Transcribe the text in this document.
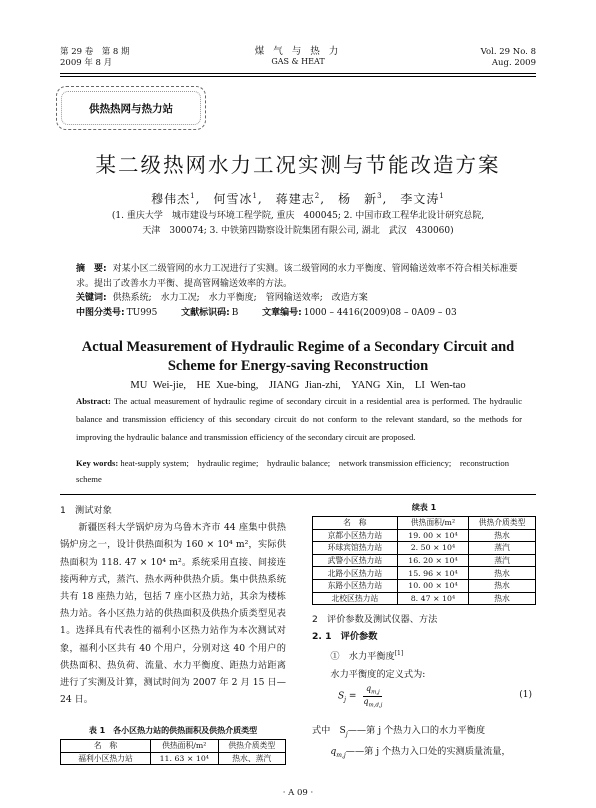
第 29 卷　第 8 期
2009 年 8 月
煤 气 与 热 力
GAS & HEAT
Vol. 29 No. 8
Aug. 2009
供热热网与热力站
某二级热网水力工况实测与节能改造方案
穆伟杰$^1$,　何雪冰$^1$,　蒋建志$^2$,　杨　新$^3$,　李文涛$^1$
(1. 重庆大学　城市建设与环境工程学院, 重庆　400045; 2. 中国市政工程华北设计研究总院,
天津　300074; 3. 中铁第四勘察设计院集团有限公司, 湖北　武汉　430060)
摘　要: 对某小区二级管网的水力工况进行了实测。该二级管网的水力平衡度、管网输送效率不符合相关标准要求。提出了改善水力平衡、提高管网输送效率的方法。
关键词: 供热系统;　水力工况;　水力平衡度;　管网输送效率;　改造方案
中图分类号: TU995	文献标识码: B	文章编号: 1000 – 4416(2009)08 – 0A09 – 03
Actual Measurement of Hydraulic Regime of a Secondary Circuit and Scheme for Energy-saving Reconstruction
MU Wei-jie,　HE Xue-bing,　JIANG Jian-zhi,　YANG Xin,　LI Wen-tao
Abstract: The actual measurement of hydraulic regime of secondary circuit in a residential area is performed. The hydraulic balance and transmission efficiency of this secondary circuit do not conform to the relevant standard, so the methods for improving the hydraulic balance and transmission efficiency of the secondary circuit are proposed.
Key words: heat-supply system;　hydraulic regime;　hydraulic balance;　network transmission efficiency;　reconstruction scheme
1　测试对象

新疆医科大学锅炉房为乌鲁木齐市 44 座集中供热锅炉房之一，设计供热面积为 160 × 10⁴ m²，实际供热面积为 118. 47 × 10⁴ m²。系统采用直接、间接连接两种方式，蒸汽、热水两种供热介质。集中供热系统共有 18 座热力站，包括 7 座小区热力站，其余为楼栋热力站。各小区热力站的供热面积及供热介质类型见表 1。选择具有代表性的福利小区热力站作为本次测试对象，福利小区共有 40 个用户，分别对这 40 个用户的供热面积、热负荷、流量、水力平衡度、距热力站距离进行了实测及计算，测试时间为 2007 年 2 月 15 日—24 日。

表 1　各小区热力站的供热面积及供热介质类型
名　称	供热面积/m²	供热介质类型
福利小区热力站	11. 63 × 10⁴	热水、蒸汽
续表 1
名　称	供热面积/m²	供热介质类型
京都小区热力站	19. 00 × 10⁴	热水
环球宾馆热力站	2. 50 × 10⁴	蒸汽
武警小区热力站	16. 20 × 10⁴	蒸汽
北路小区热力站	15. 96 × 10⁴	热水
东路小区热力站	10. 00 × 10⁴	热水
北校区热力站	8. 47 × 10⁴	热水
2　评价参数及测试仪器、方法
2. 1　评价参数
①　水力平衡度[1]
水力平衡度的定义式为:
$S_j = \frac{q_{m,j}}{q_{m,d,j}}$	(1)
式中　$S_j——$第 j 个热力入口的水力平衡度
$q_{m,j}——$第 j 个热力入口处的实测质量流量，
· A 09 ·
